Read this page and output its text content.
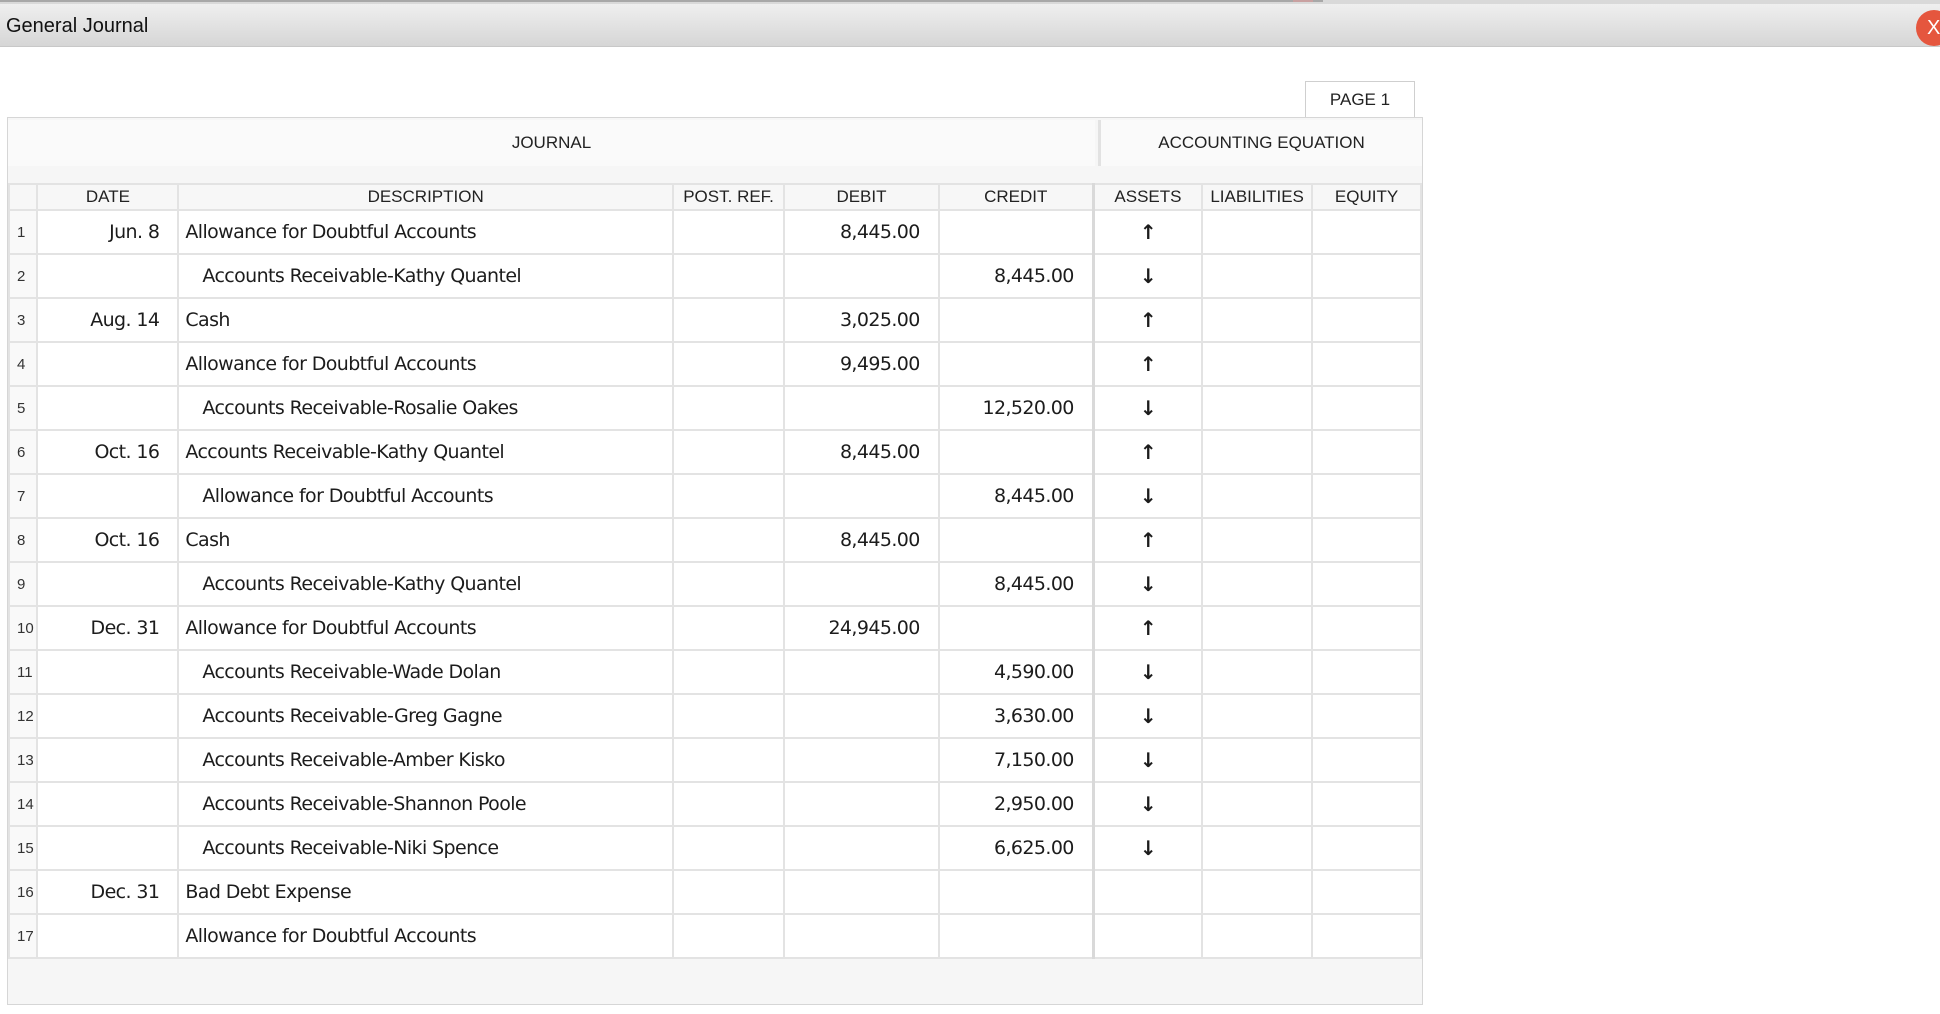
General Journal	X
PAGE 1
JOURNAL	ACCOUNTING EQUATION
	DATE	DESCRIPTION	POST. REF.	DEBIT	CREDIT	ASSETS	LIABILITIES	EQUITY
1	Jun. 8	Allowance for Doubtful Accounts		8,445.00		↑		
2		Accounts Receivable-Kathy Quantel			8,445.00	↓		
3	Aug. 14	Cash		3,025.00		↑		
4		Allowance for Doubtful Accounts		9,495.00		↑		
5		Accounts Receivable-Rosalie Oakes			12,520.00	↓		
6	Oct. 16	Accounts Receivable-Kathy Quantel		8,445.00		↑		
7		Allowance for Doubtful Accounts			8,445.00	↓		
8	Oct. 16	Cash		8,445.00		↑		
9		Accounts Receivable-Kathy Quantel			8,445.00	↓		
10	Dec. 31	Allowance for Doubtful Accounts		24,945.00		↑		
11		Accounts Receivable-Wade Dolan			4,590.00	↓		
12		Accounts Receivable-Greg Gagne			3,630.00	↓		
13		Accounts Receivable-Amber Kisko			7,150.00	↓		
14		Accounts Receivable-Shannon Poole			2,950.00	↓		
15		Accounts Receivable-Niki Spence			6,625.00	↓		
16	Dec. 31	Bad Debt Expense						
17		Allowance for Doubtful Accounts						
